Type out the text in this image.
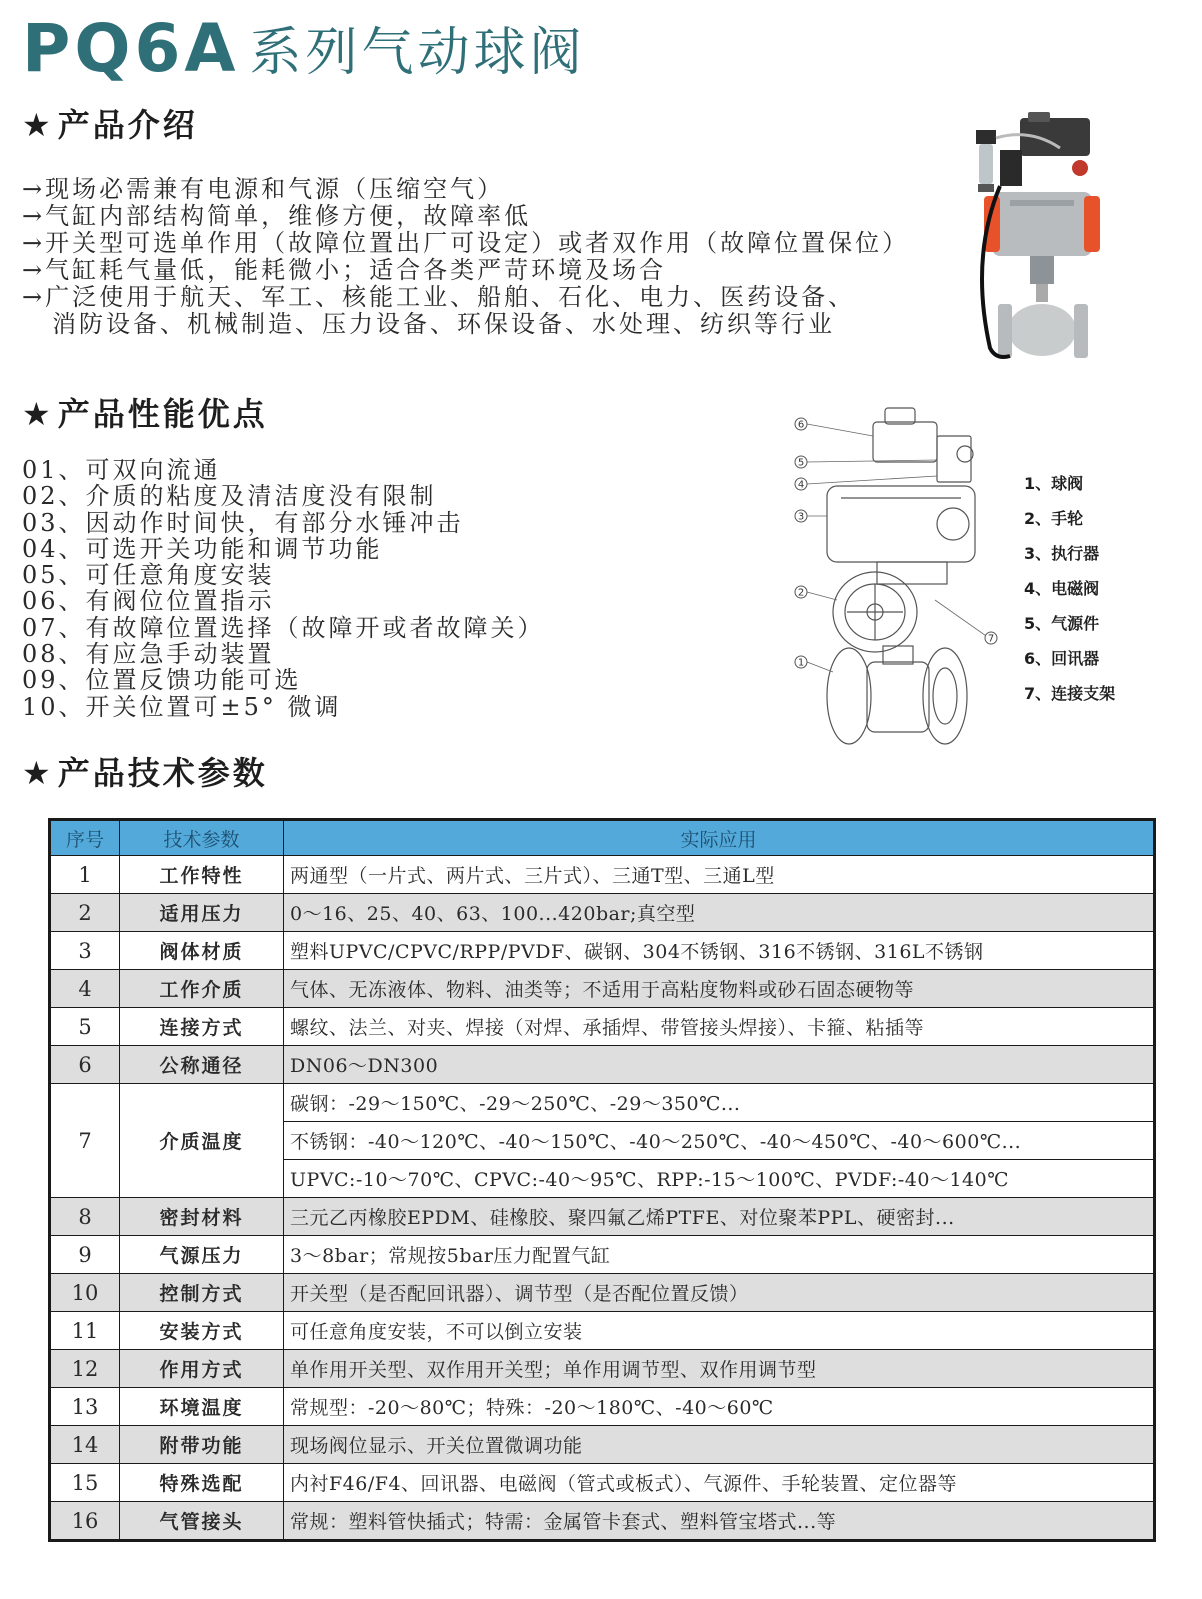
PQ6A 系列气动球阀
★ 产品介绍
→现场必需兼有电源和气源（压缩空气）
→气缸内部结构简单，维修方便，故障率低
→开关型可选单作用（故障位置出厂可设定）或者双作用（故障位置保位）
→气缸耗气量低，能耗微小；适合各类严苛环境及场合
→广泛使用于航天、军工、核能工业、船舶、石化、电力、医药设备、
消防设备、机械制造、压力设备、环保设备、水处理、纺织等行业
★ 产品性能优点
01、可双向流通
02、介质的粘度及清洁度没有限制
03、因动作时间快，有部分水锤冲击
04、可选开关功能和调节功能
05、可任意角度安装
06、有阀位位置指示
07、有故障位置选择（故障开或者故障关）
08、有应急手动装置
09、位置反馈功能可选
10、开关位置可±5° 微调
6
5
4
3
2
1
7
1、球阀
2、手轮
3、执行器
4、电磁阀
5、气源件
6、回讯器
7、连接支架
★ 产品技术参数
序号	技术参数	实际应用
1	工作特性	两通型（一片式、两片式、三片式）、三通T型、三通L型
2	适用压力	0～16、25、40、63、100...420bar;真空型
3	阀体材质	塑料UPVC/CPVC/RPP/PVDF、碳钢、304不锈钢、316不锈钢、316L不锈钢
4	工作介质	气体、无冻液体、物料、油类等；不适用于高粘度物料或砂石固态硬物等
5	连接方式	螺纹、法兰、对夹、焊接（对焊、承插焊、带管接头焊接）、卡箍、粘插等
6	公称通径	DN06～DN300
7	介质温度	碳钢：-29～150℃、-29～250℃、-29～350℃...
		不锈钢：-40～120℃、-40～150℃、-40～250℃、-40～450℃、-40～600℃...
		UPVC:-10～70℃、CPVC:-40～95℃、RPP:-15～100℃、PVDF:-40～140℃
8	密封材料	三元乙丙橡胶EPDM、硅橡胶、聚四氟乙烯PTFE、对位聚苯PPL、硬密封...
9	气源压力	3～8bar；常规按5bar压力配置气缸
10	控制方式	开关型（是否配回讯器）、调节型（是否配位置反馈）
11	安装方式	可任意角度安装，不可以倒立安装
12	作用方式	单作用开关型、双作用开关型；单作用调节型、双作用调节型
13	环境温度	常规型：-20～80℃；特殊：-20～180℃、-40～60℃
14	附带功能	现场阀位显示、开关位置微调功能
15	特殊选配	内衬F46/F4、回讯器、电磁阀（管式或板式）、气源件、手轮装置、定位器等
16	气管接头	常规：塑料管快插式；特需：金属管卡套式、塑料管宝塔式...等
